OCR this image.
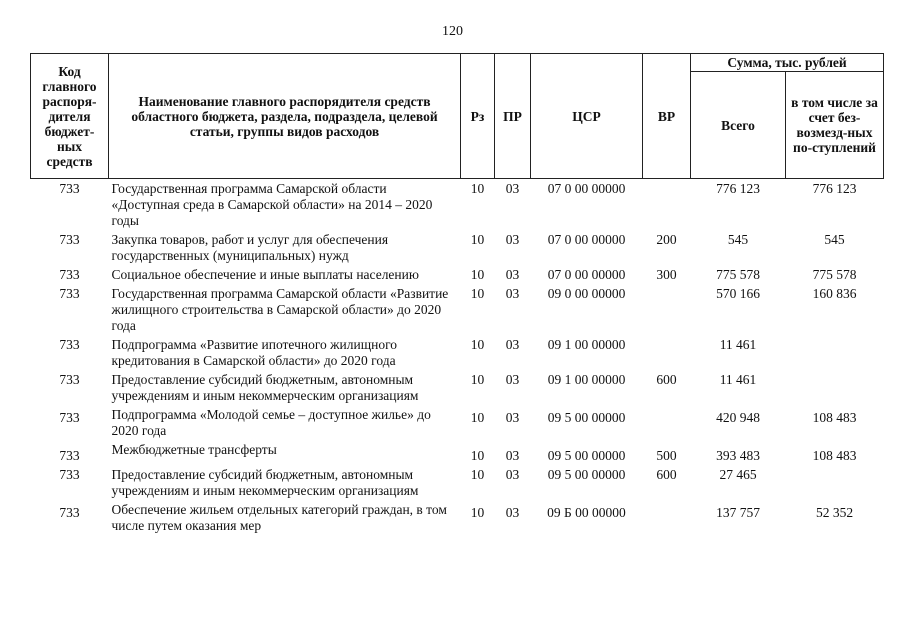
120
Код главного распоря-дителя бюджет-ных средств	Наименование главного распорядителя средств областного бюджета, раздела, подраздела, целевой статьи, группы видов расходов	Рз	ПР	ЦСР	ВР	Сумма, тыс. рублей	
						Всего	в том числе за счет без-возмезд-ных по-ступлений
733	Государственная программа Самарской области «Доступная среда в Самарской области» на 2014 – 2020 годы	10	03	07 0 00 00000		776 123	776 123
733	Закупка товаров, работ и услуг для обеспечения государственных (муниципальных) нужд	10	03	07 0 00 00000	200	545	545
733	Социальное обеспечение и иные выплаты населению	10	03	07 0 00 00000	300	775 578	775 578
733	Государственная программа Самарской области «Развитие жилищного строительства в Самарской области» до 2020 года	10	03	09 0 00 00000		570 166	160 836
733	Подпрограмма «Развитие ипотечного жилищного кредитования в Самарской области» до 2020 года	10	03	09 1 00 00000		11 461	
733	Предоставление субсидий бюджетным, автономным учреждениям и иным некоммерческим организациям	10	03	09 1 00 00000	600	11 461	
733	Подпрограмма «Молодой семье – доступное жилье» до 2020 года	10	03	09 5 00 00000		420 948	108 483
733	Межбюджетные трансферты	10	03	09 5 00 00000	500	393 483	108 483
733	Предоставление субсидий бюджетным, автономным учреждениям и иным некоммерческим организациям	10	03	09 5 00 00000	600	27 465	
733	Обеспечение жильем отдельных категорий граждан, в том числе путем оказания мер	10	03	09 Б 00 00000		137 757	52 352
